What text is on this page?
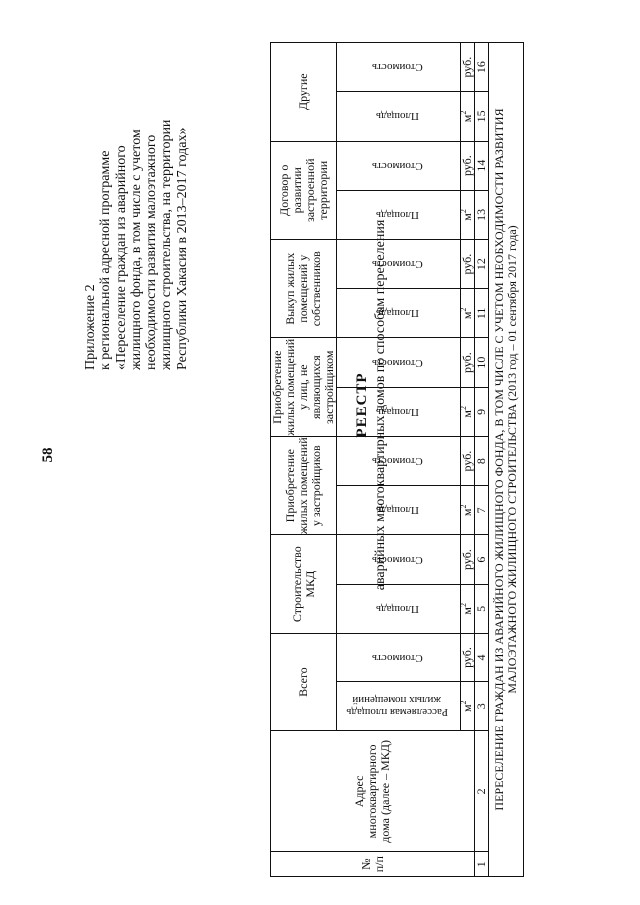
58
Приложение 2 к региональной адресной программе «Переселение граждан из аварийного жилищного фонда, в том числе с учетом необходимости развития малоэтажного жилищного строительства, на территории Республики Хакасия в 2013–2017 годах»
РЕЕСТР аварийных многоквартирных домов по способам переселения
№ п/п	Адрес многоквартирного дома (далее – МКД)	Всего		Строительство МКД		Приобретение жилых помещений у застройщиков		Приобретение жилых помещений у лиц, не являющихся застройщиком		Выкуп жилых помещений у собственников		Договор о развитии застроенной территории		Другие	
		Расселяемая площадь жилых помещений	Стоимость	Площадь	Стоимость	Площадь	Стоимость	Площадь	Стоимость	Площадь	Стоимость	Площадь	Стоимость	Площадь	Стоимость
		$м^2$	руб.	$м^2$	руб.	$м^2$	руб.	$м^2$	руб.	$м^2$	руб.	$м^2$	руб.	$м^2$	руб.
1	2	3	4	5	6	7	8	9	10	11	12	13	14	15	16

ПЕРЕСЕЛЕНИЕ ГРАЖДАН ИЗ АВАРИЙНОГО ЖИЛИЩНОГО ФОНДА, В ТОМ ЧИСЛЕ С УЧЕТОМ НЕОБХОДИМОСТИ РАЗВИТИЯ МАЛОЭТАЖНОГО ЖИЛИЩНОГО СТРОИТЕЛЬСТВА (2013 год – 01 сентября 2017 года)															
